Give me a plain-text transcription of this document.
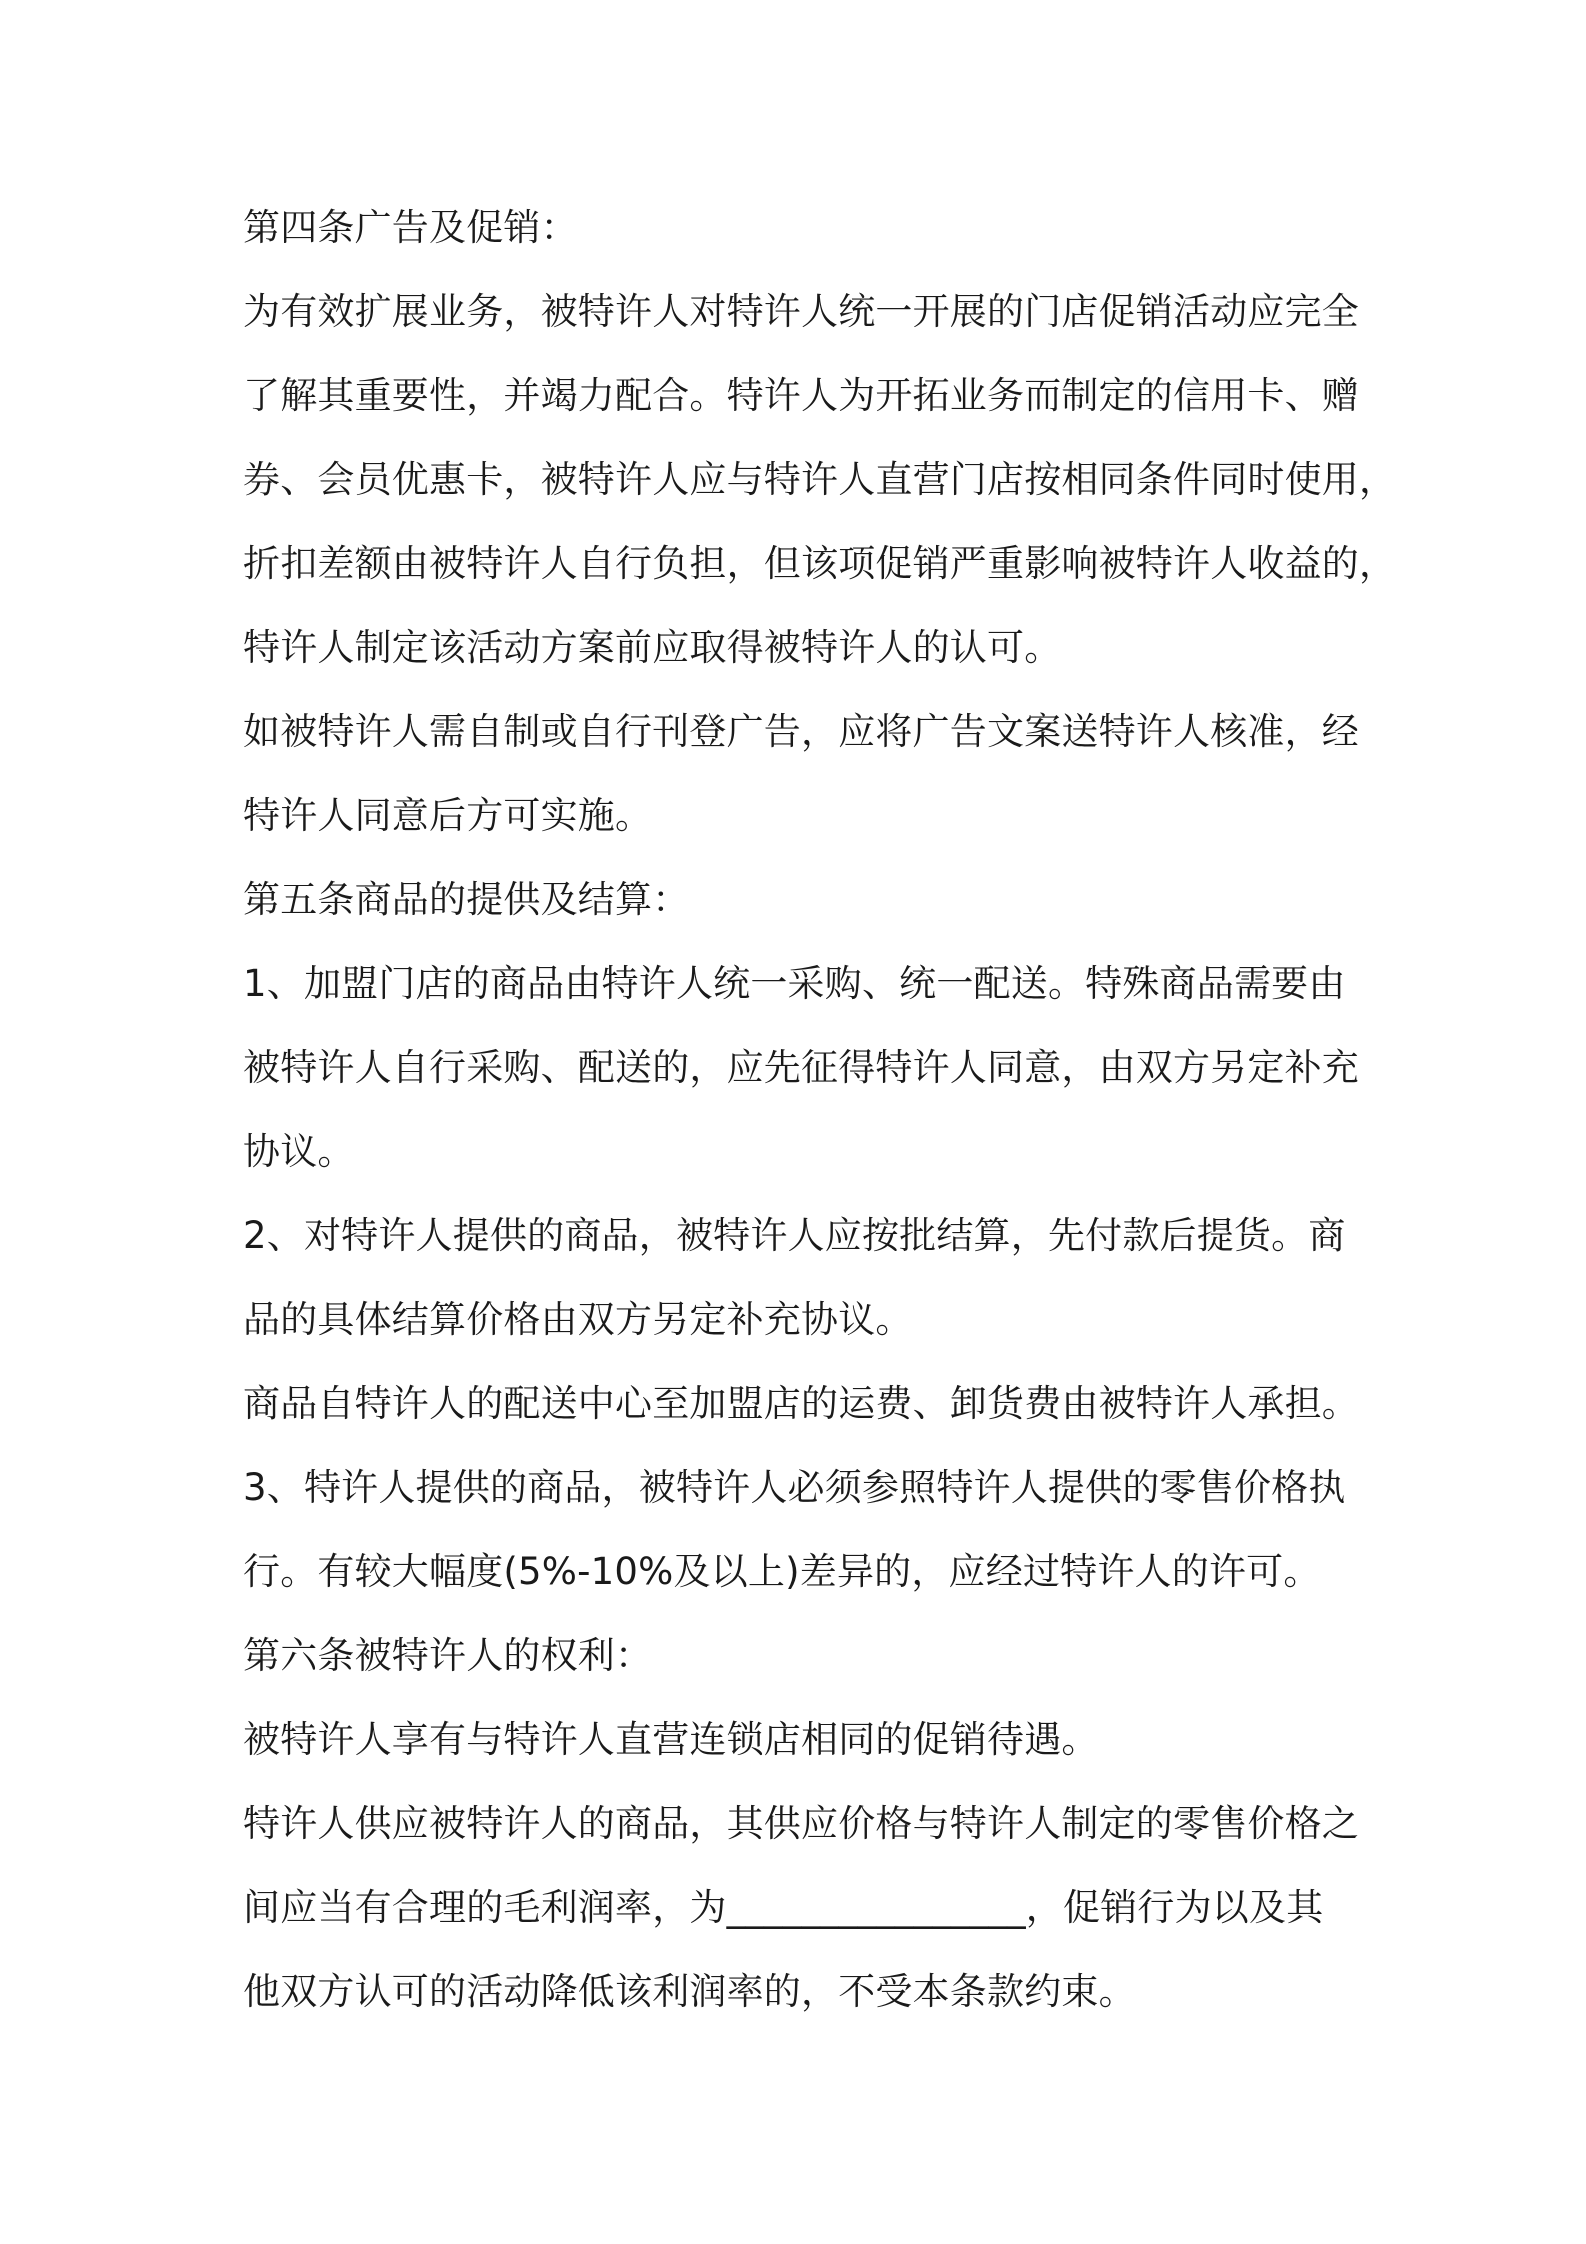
第四条广告及促销：
为有效扩展业务，被特许人对特许人统一开展的门店促销活动应完全
了解其重要性，并竭力配合。特许人为开拓业务而制定的信用卡、赠
券、会员优惠卡，被特许人应与特许人直营门店按相同条件同时使用，
折扣差额由被特许人自行负担，但该项促销严重影响被特许人收益的，
特许人制定该活动方案前应取得被特许人的认可。
如被特许人需自制或自行刊登广告，应将广告文案送特许人核准，经
特许人同意后方可实施。
第五条商品的提供及结算：
1、加盟门店的商品由特许人统一采购、统一配送。特殊商品需要由
被特许人自行采购、配送的，应先征得特许人同意，由双方另定补充
协议。
2、对特许人提供的商品，被特许人应按批结算，先付款后提货。商
品的具体结算价格由双方另定补充协议。
商品自特许人的配送中心至加盟店的运费、卸货费由被特许人承担。
3、特许人提供的商品，被特许人必须参照特许人提供的零售价格执
行。有较大幅度(5%-10%及以上)差异的，应经过特许人的许可。
第六条被特许人的权利：
被特许人享有与特许人直营连锁店相同的促销待遇。
特许人供应被特许人的商品，其供应价格与特许人制定的零售价格之
间应当有合理的毛利润率，为________________，促销行为以及其
他双方认可的活动降低该利润率的，不受本条款约束。
